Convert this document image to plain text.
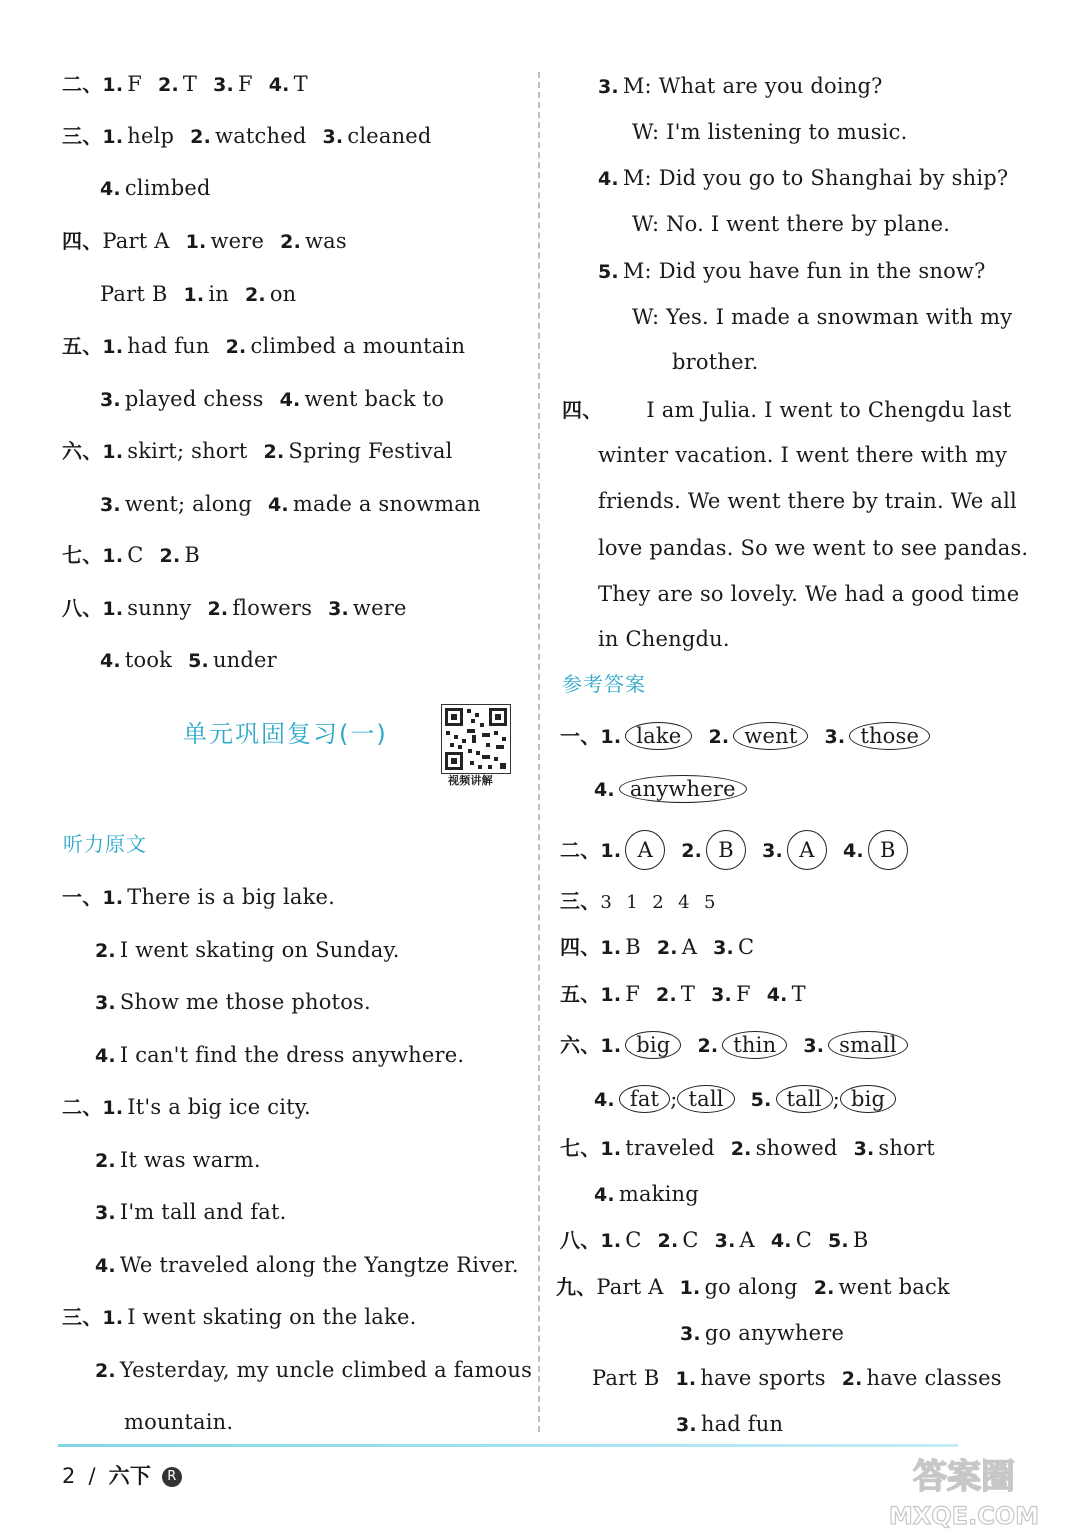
二、1. F 2. T 3. F 4. T
三、1. help 2. watched 3. cleaned
4. climbed
四、Part A 1. were 2. was
Part B 1. in 2. on
五、1. had fun 2. climbed a mountain
3. played chess 4. went back to
六、1. skirt; short 2. Spring Festival
3. went; along 4. made a snowman
七、1. C 2. B
八、1. sunny 2. flowers 3. were
4. took 5. under
单元巩固复习(一)
视频讲解
听力原文
一、1. There is a big lake.
2. I went skating on Sunday.
3. Show me those photos.
4. I can't find the dress anywhere.
二、1. It's a big ice city.
2. It was warm.
3. I'm tall and fat.
4. We traveled along the Yangtze River.
三、1. I went skating on the lake.
2. Yesterday, my uncle climbed a famous
mountain.
3. M: What are you doing?
W: I'm listening to music.
4. M: Did you go to Shanghai by ship?
W: No. I went there by plane.
5. M: Did you have fun in the snow?
W: Yes. I made a snowman with my
brother.
四、 I am Julia. I went to Chengdu last
winter vacation. I went there with my
friends. We went there by train. We all
love pandas. So we went to see pandas.
They are so lovely. We had a good time
in Chengdu.
参考答案
一、1. lake 2. went 3. those
4. anywhere
二、1. A 2. B 3. A 4. B
三、3  1  2  4  5
四、1. B 2. A 3. C
五、1. F 2. T 3. F 4. T
六、1. big 2. thin 3. small
4. fat ; tall 5. tall ; big
七、1. traveled 2. showed 3. short
4. making
八、1. C 2. C 3. A 4. C 5. B
九、Part A 1. go along 2. went back
3. go anywhere
Part B 1. have sports 2. have classes
3. had fun
2 / 六下 R	答案圈
MXQE.COM
